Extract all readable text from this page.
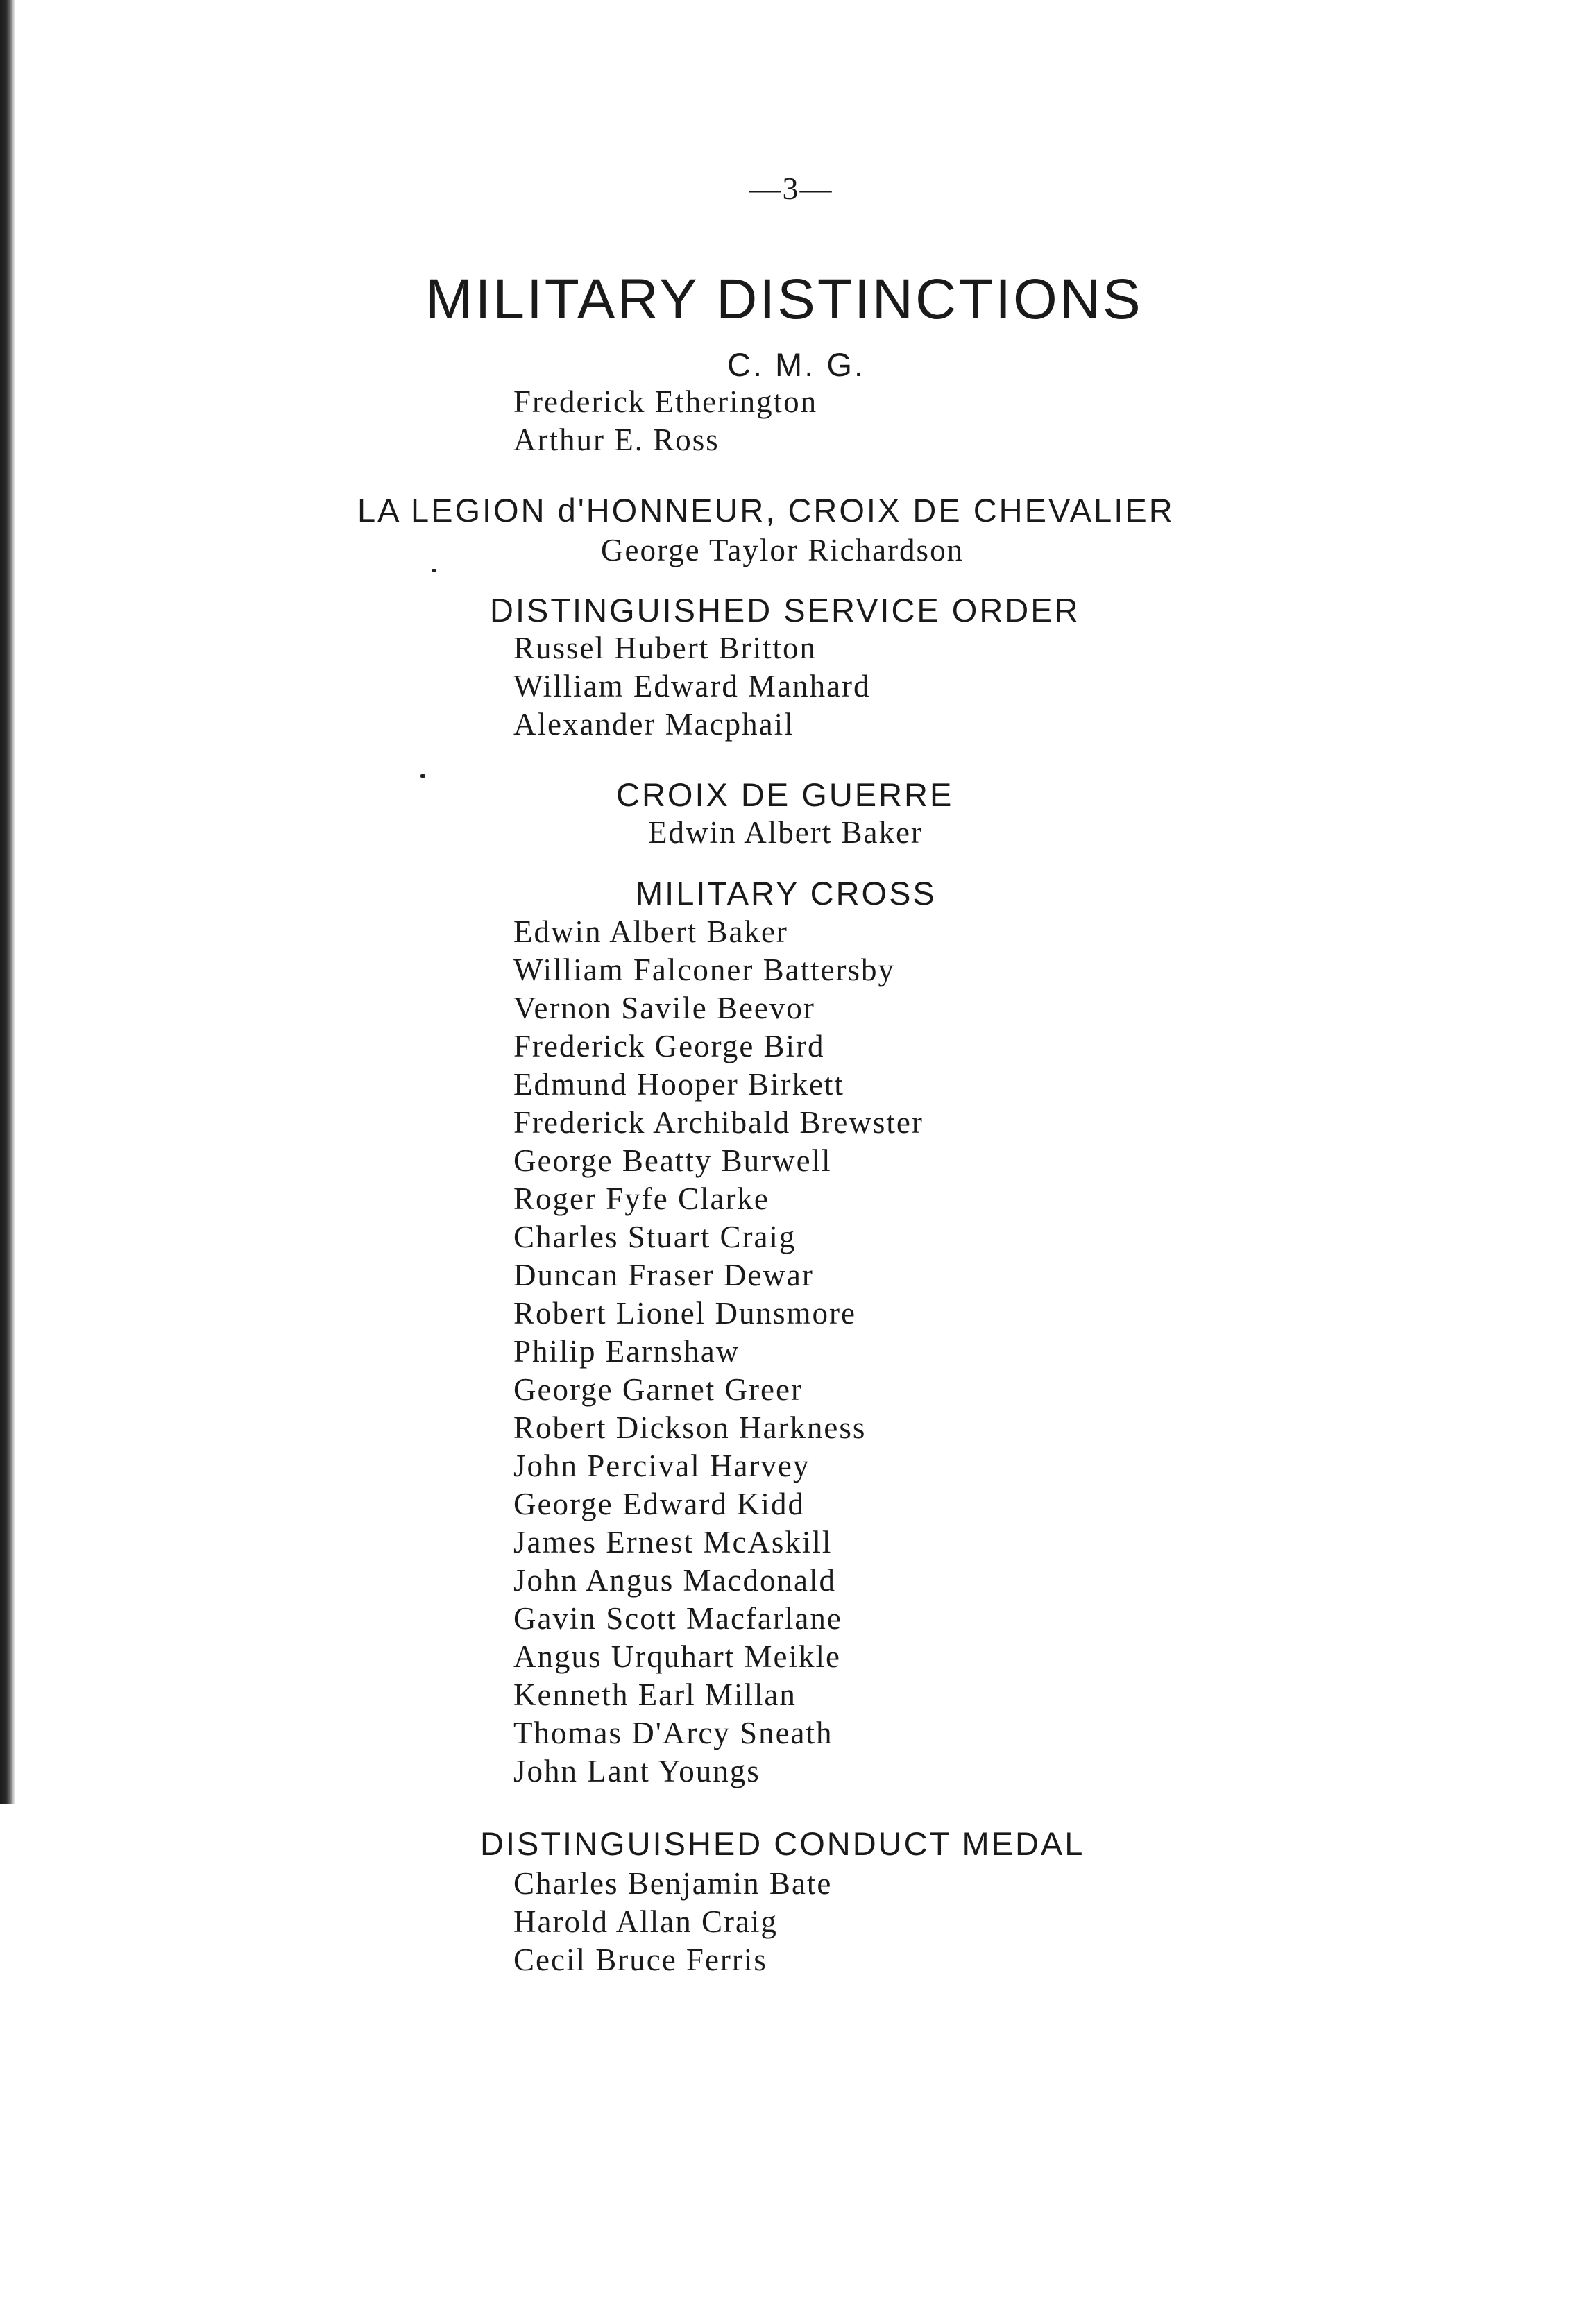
—3—
MILITARY DISTINCTIONS
C. M. G.
Frederick Etherington
Arthur E. Ross
LA LEGION d'HONNEUR, CROIX DE CHEVALIER
George Taylor Richardson
DISTINGUISHED SERVICE ORDER
Russel Hubert Britton
William Edward Manhard
Alexander Macphail
CROIX DE GUERRE
Edwin Albert Baker
MILITARY CROSS
Edwin Albert Baker
William Falconer Battersby
Vernon Savile Beevor
Frederick George Bird
Edmund Hooper Birkett
Frederick Archibald Brewster
George Beatty Burwell
Roger Fyfe Clarke
Charles Stuart Craig
Duncan Fraser Dewar
Robert Lionel Dunsmore
Philip Earnshaw
George Garnet Greer
Robert Dickson Harkness
John Percival Harvey
George Edward Kidd
James Ernest McAskill
John Angus Macdonald
Gavin Scott Macfarlane
Angus Urquhart Meikle
Kenneth Earl Millan
Thomas D'Arcy Sneath
John Lant Youngs
DISTINGUISHED CONDUCT MEDAL
Charles Benjamin Bate
Harold Allan Craig
Cecil Bruce Ferris
